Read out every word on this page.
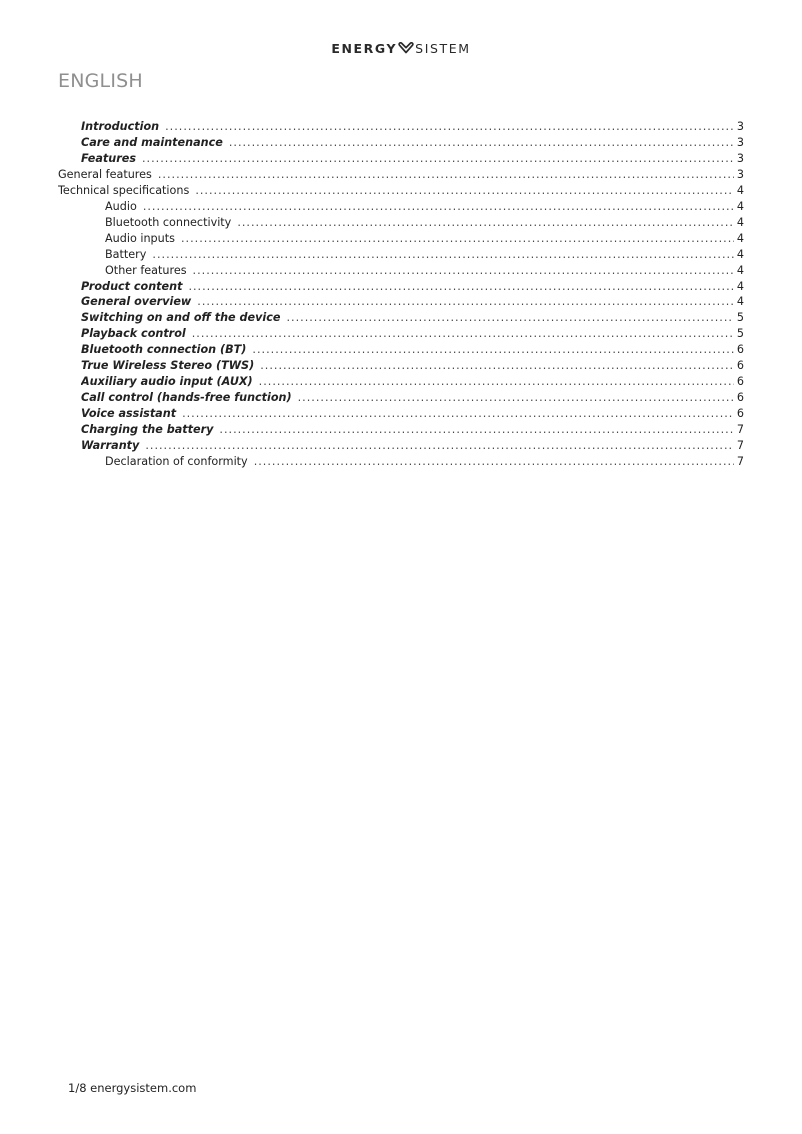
ENERGY SISTEM
ENGLISH
Introduction .....	3
Care and maintenance .....	3
Features .....	3
General features .....	3
Technical specifications .....	4
Audio .....	4
Bluetooth connectivity .....	4
Audio inputs .....	4
Battery .....	4
Other features .....	4
Product content .....	4
General overview .....	4
Switching on and off the device .....	5
Playback control .....	5
Bluetooth connection (BT) .....	6
True Wireless Stereo (TWS) .....	6
Auxiliary audio input (AUX) .....	6
Call control (hands-free function) .....	6
Voice assistant .....	6
Charging the battery .....	7
Warranty .....	7
Declaration of conformity .....	7
1/8 energysistem.com
